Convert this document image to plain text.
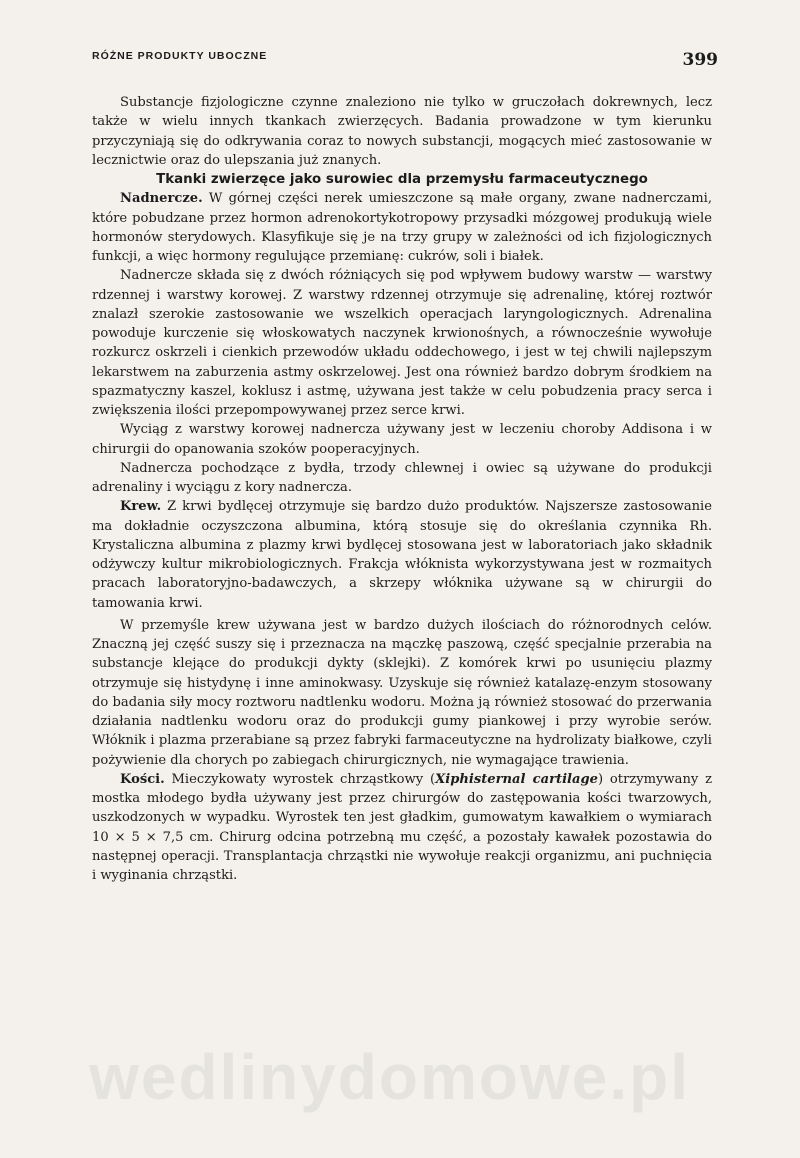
RÓŻNE PRODUKTY UBOCZNE	399

Substancje fizjologiczne czynne znaleziono nie tylko w gruczołach dokrewnych, lecz także w wielu innych tkankach zwierzęcych. Badania prowadzone w tym kierunku przyczyniają się do odkrywania coraz to nowych substancji, mogących mieć zastosowanie w lecznictwie oraz do ulepszania już znanych.

Tkanki zwierzęce jako surowiec dla przemysłu farmaceutycznego

Nadnercze. W górnej części nerek umieszczone są małe organy, zwane nadnerczami, które pobudzane przez hormon adrenokortykotropowy przysadki mózgowej produkują wiele hormonów sterydowych. Klasyfikuje się je na trzy grupy w zależności od ich fizjologicznych funkcji, a więc hormony regulujące przemianę: cukrów, soli i białek.

Nadnercze składa się z dwóch różniących się pod wpływem budowy warstw — warstwy rdzennej i warstwy korowej. Z warstwy rdzennej otrzymuje się adrenalinę, której roztwór znalazł szerokie zastosowanie we wszelkich operacjach laryngologicznych. Adrenalina powoduje kurczenie się włoskowatych naczynek krwionośnych, a równocześnie wywołuje rozkurcz oskrzeli i cienkich przewodów układu oddechowego, i jest w tej chwili najlepszym lekarstwem na zaburzenia astmy oskrzelowej. Jest ona również bardzo dobrym środkiem na spazmatyczny kaszel, koklusz i astmę, używana jest także w celu pobudzenia pracy serca i zwiększenia ilości przepompowywanej przez serce krwi.

Wyciąg z warstwy korowej nadnercza używany jest w leczeniu choroby Addisona i w chirurgii do opanowania szoków pooperacyjnych.

Nadnercza pochodzące z bydła, trzody chlewnej i owiec są używane do produkcji adrenaliny i wyciągu z kory nadnercza.

Krew. Z krwi bydlęcej otrzymuje się bardzo dużo produktów. Najszersze zastosowanie ma dokładnie oczyszczona albumina, którą stosuje się do określania czynnika Rh. Krystaliczna albumina z plazmy krwi bydlęcej stosowana jest w laboratoriach jako składnik odżywczy kultur mikrobiologicznych. Frakcja włóknista wykorzystywana jest w rozmaitych pracach laboratoryjno-badawczych, a skrzepy włóknika używane są w chirurgii do tamowania krwi.

W przemyśle krew używana jest w bardzo dużych ilościach do różnorodnych celów. Znaczną jej część suszy się i przeznacza na mączkę paszową, część specjalnie przerabia na substancje klejące do produkcji dykty (sklejki). Z komórek krwi po usunięciu plazmy otrzymuje się histydynę i inne aminokwasy. Uzyskuje się również katalazę-enzym stosowany do badania siły mocy roztworu nadtlenku wodoru. Można ją również stosować do przerwania działania nadtlenku wodoru oraz do produkcji gumy piankowej i przy wyrobie serów. Włóknik i plazma przerabiane są przez fabryki farmaceutyczne na hydrolizaty białkowe, czyli pożywienie dla chorych po zabiegach chirurgicznych, nie wymagające trawienia.

Kości. Mieczykowaty wyrostek chrząstkowy (Xiphisternal cartilage) otrzymywany z mostka młodego bydła używany jest przez chirurgów do zastępowania kości twarzowych, uszkodzonych w wypadku. Wyrostek ten jest gładkim, gumowatym kawałkiem o wymiarach 10 × 5 × 7,5 cm. Chirurg odcina potrzebną mu część, a pozostały kawałek pozostawia do następnej operacji. Transplantacja chrząstki nie wywołuje reakcji organizmu, ani puchnięcia i wyginania chrząstki.

wedlinydomowe.pl
